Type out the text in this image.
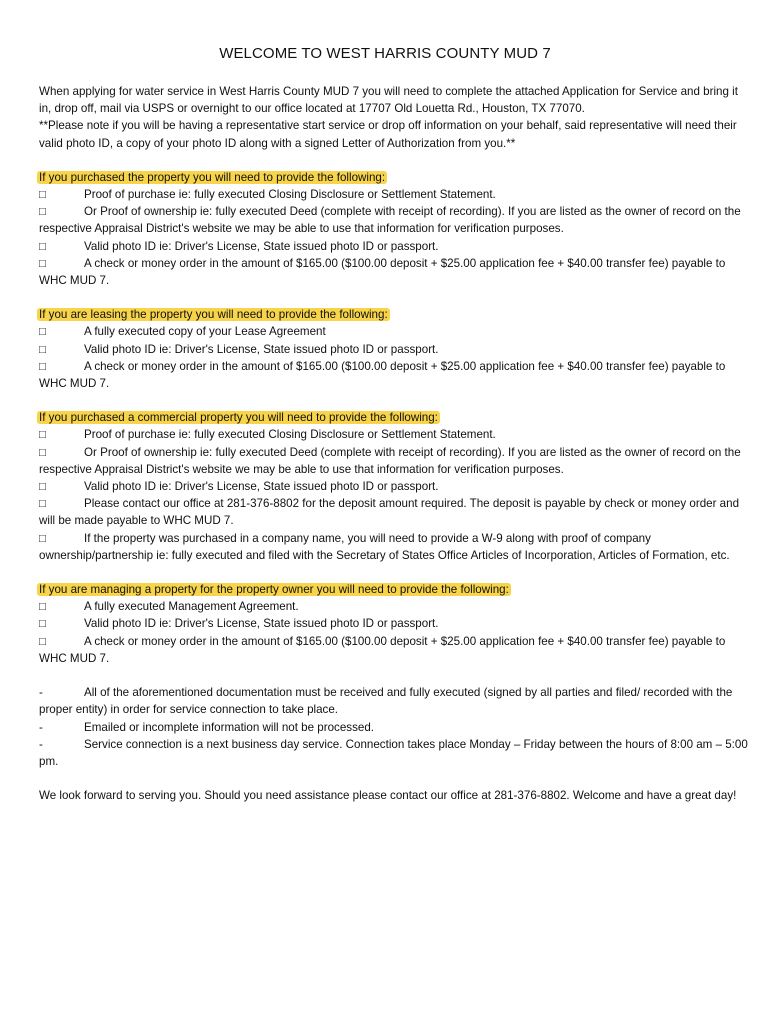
WELCOME TO WEST HARRIS COUNTY MUD 7

When applying for water service in West Harris County MUD 7 you will need to complete the attached Application for Service and bring it in, drop off, mail via USPS or overnight to our office located at 17707 Old Louetta Rd., Houston, TX 77070.

**Please note if you will be having a representative start service or drop off information on your behalf, said representative will need their valid photo ID, a copy of your photo ID along with a signed Letter of Authorization from you.**

If you purchased the property you will need to provide the following:

□	Proof of purchase ie: fully executed Closing Disclosure or Settlement Statement.

□	Or Proof of ownership ie: fully executed Deed (complete with receipt of recording). If you are listed as the owner of record on the respective Appraisal District's website we may be able to use that information for verification purposes.

□	Valid photo ID ie: Driver's License, State issued photo ID or passport.

□	A check or money order in the amount of $165.00 ($100.00 deposit + $25.00 application fee + $40.00 transfer fee) payable to WHC MUD 7.

If you are leasing the property you will need to provide the following:

□	A fully executed copy of your Lease Agreement

□	Valid photo ID ie: Driver's License, State issued photo ID or passport.

□	A check or money order in the amount of $165.00 ($100.00 deposit + $25.00 application fee + $40.00 transfer fee) payable to WHC MUD 7.

If you purchased a commercial property you will need to provide the following:

□	Proof of purchase ie: fully executed Closing Disclosure or Settlement Statement.

□	Or Proof of ownership ie: fully executed Deed (complete with receipt of recording). If you are listed as the owner of record on the respective Appraisal District's website we may be able to use that information for verification purposes.

□	Valid photo ID ie: Driver's License, State issued photo ID or passport.

□	Please contact our office at 281-376-8802 for the deposit amount required. The deposit is payable by check or money order and will be made payable to WHC MUD 7.

□	If the property was purchased in a company name, you will need to provide a W-9 along with proof of company ownership/partnership ie: fully executed and filed with the Secretary of States Office Articles of Incorporation, Articles of Formation, etc.

If you are managing a property for the property owner you will need to provide the following:

□	A fully executed Management Agreement.

□	Valid photo ID ie: Driver's License, State issued photo ID or passport.

□	A check or money order in the amount of $165.00 ($100.00 deposit + $25.00 application fee + $40.00 transfer fee) payable to WHC MUD 7.

-	All of the aforementioned documentation must be received and fully executed (signed by all parties and filed/ recorded with the proper entity) in order for service connection to take place.

-	Emailed or incomplete information will not be processed.

-	Service connection is a next business day service. Connection takes place Monday – Friday between the hours of 8:00 am – 5:00 pm.

We look forward to serving you. Should you need assistance please contact our office at 281-376-8802. Welcome and have a great day!
